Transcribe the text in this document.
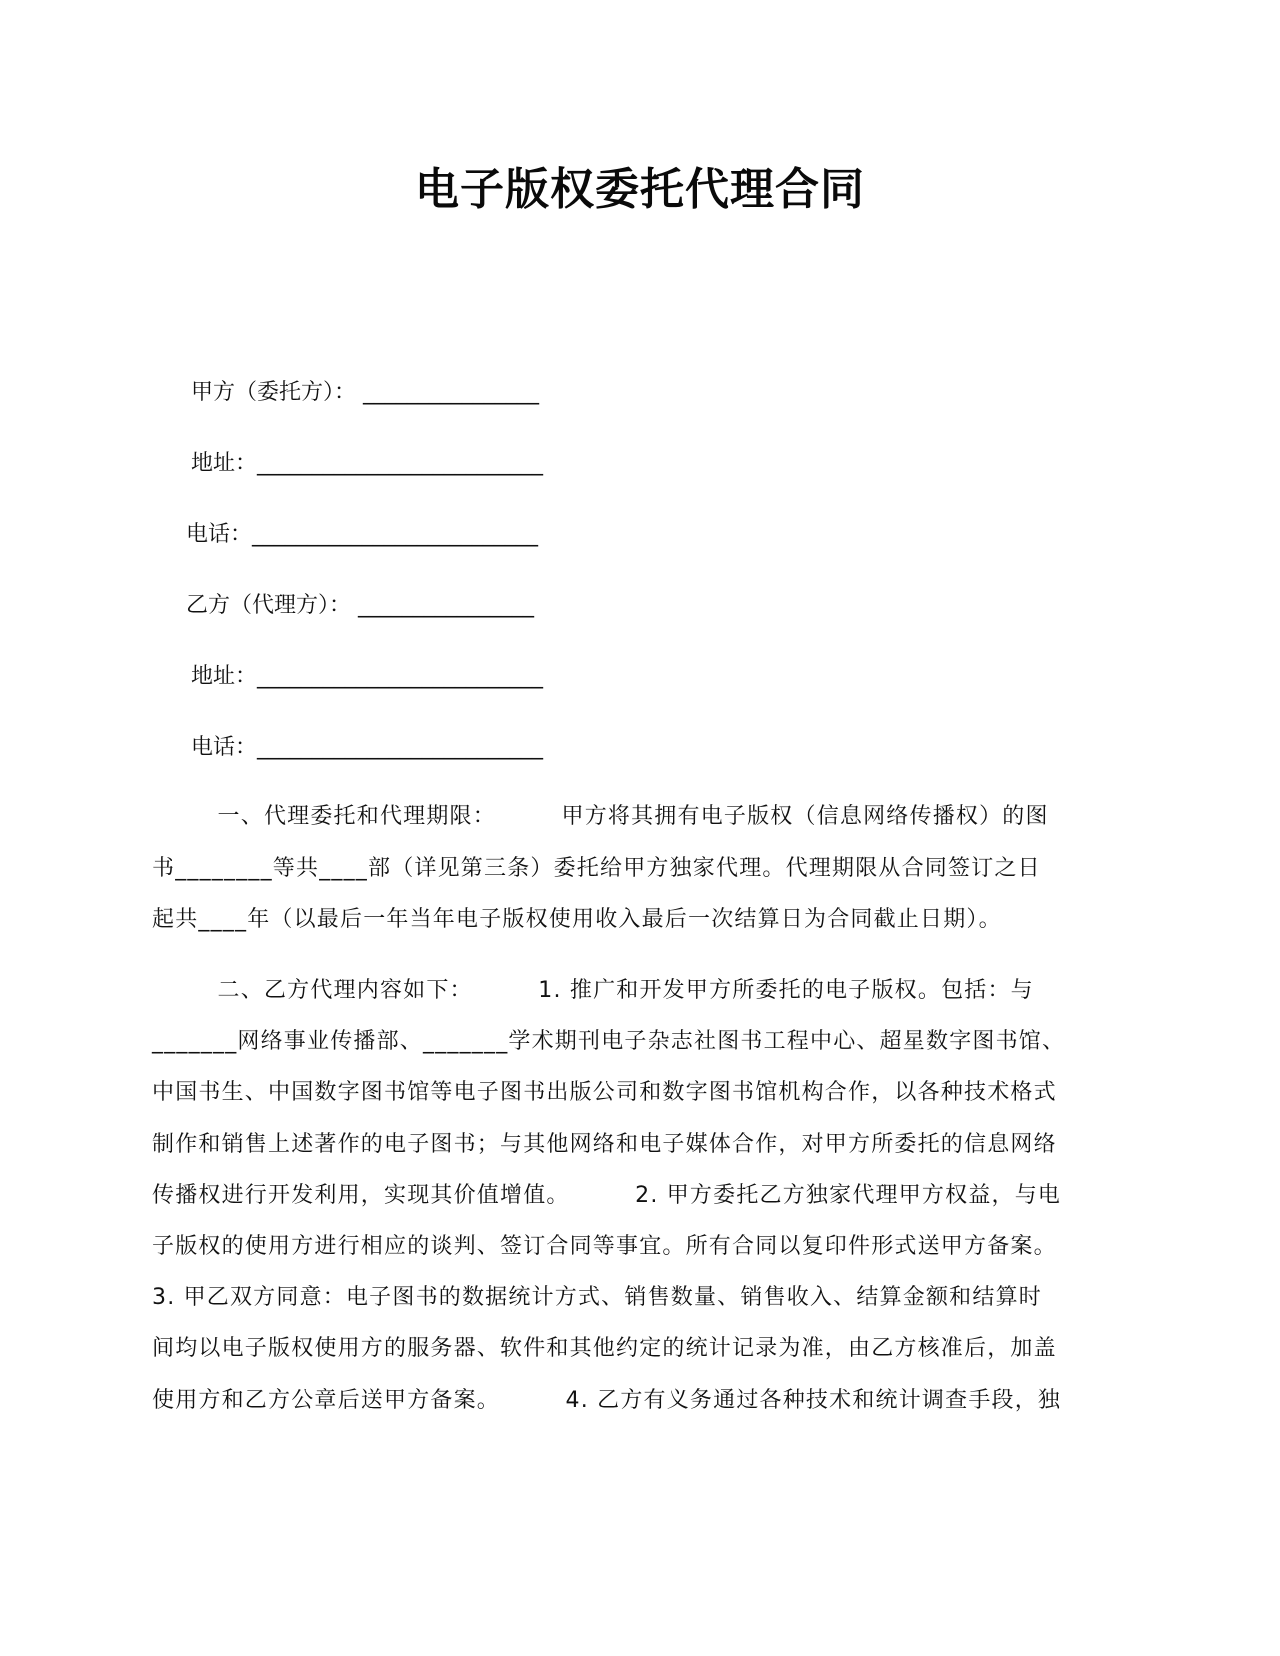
电子版权委托代理合同
甲方（委托方）： ________________
地址：__________________________
电话：__________________________
乙方（代理方）： ________________
地址：__________________________
电话：__________________________
一、代理委托和代理期限：        甲方将其拥有电子版权（信息网络传播权）的图
书________等共____部（详见第三条）委托给甲方独家代理。代理期限从合同签订之日
起共____年（以最后一年当年电子版权使用收入最后一次结算日为合同截止日期）。
二、乙方代理内容如下：        1. 推广和开发甲方所委托的电子版权。包括：与
_______网络事业传播部、_______学术期刊电子杂志社图书工程中心、超星数字图书馆、
中国书生、中国数字图书馆等电子图书出版公司和数字图书馆机构合作，以各种技术格式
制作和销售上述著作的电子图书；与其他网络和电子媒体合作，对甲方所委托的信息网络
传播权进行开发利用，实现其价值增值。        2. 甲方委托乙方独家代理甲方权益，与电
子版权的使用方进行相应的谈判、签订合同等事宜。所有合同以复印件形式送甲方备案。
3. 甲乙双方同意：电子图书的数据统计方式、销售数量、销售收入、结算金额和结算时
间均以电子版权使用方的服务器、软件和其他约定的统计记录为准，由乙方核准后，加盖
使用方和乙方公章后送甲方备案。        4. 乙方有义务通过各种技术和统计调查手段，独
